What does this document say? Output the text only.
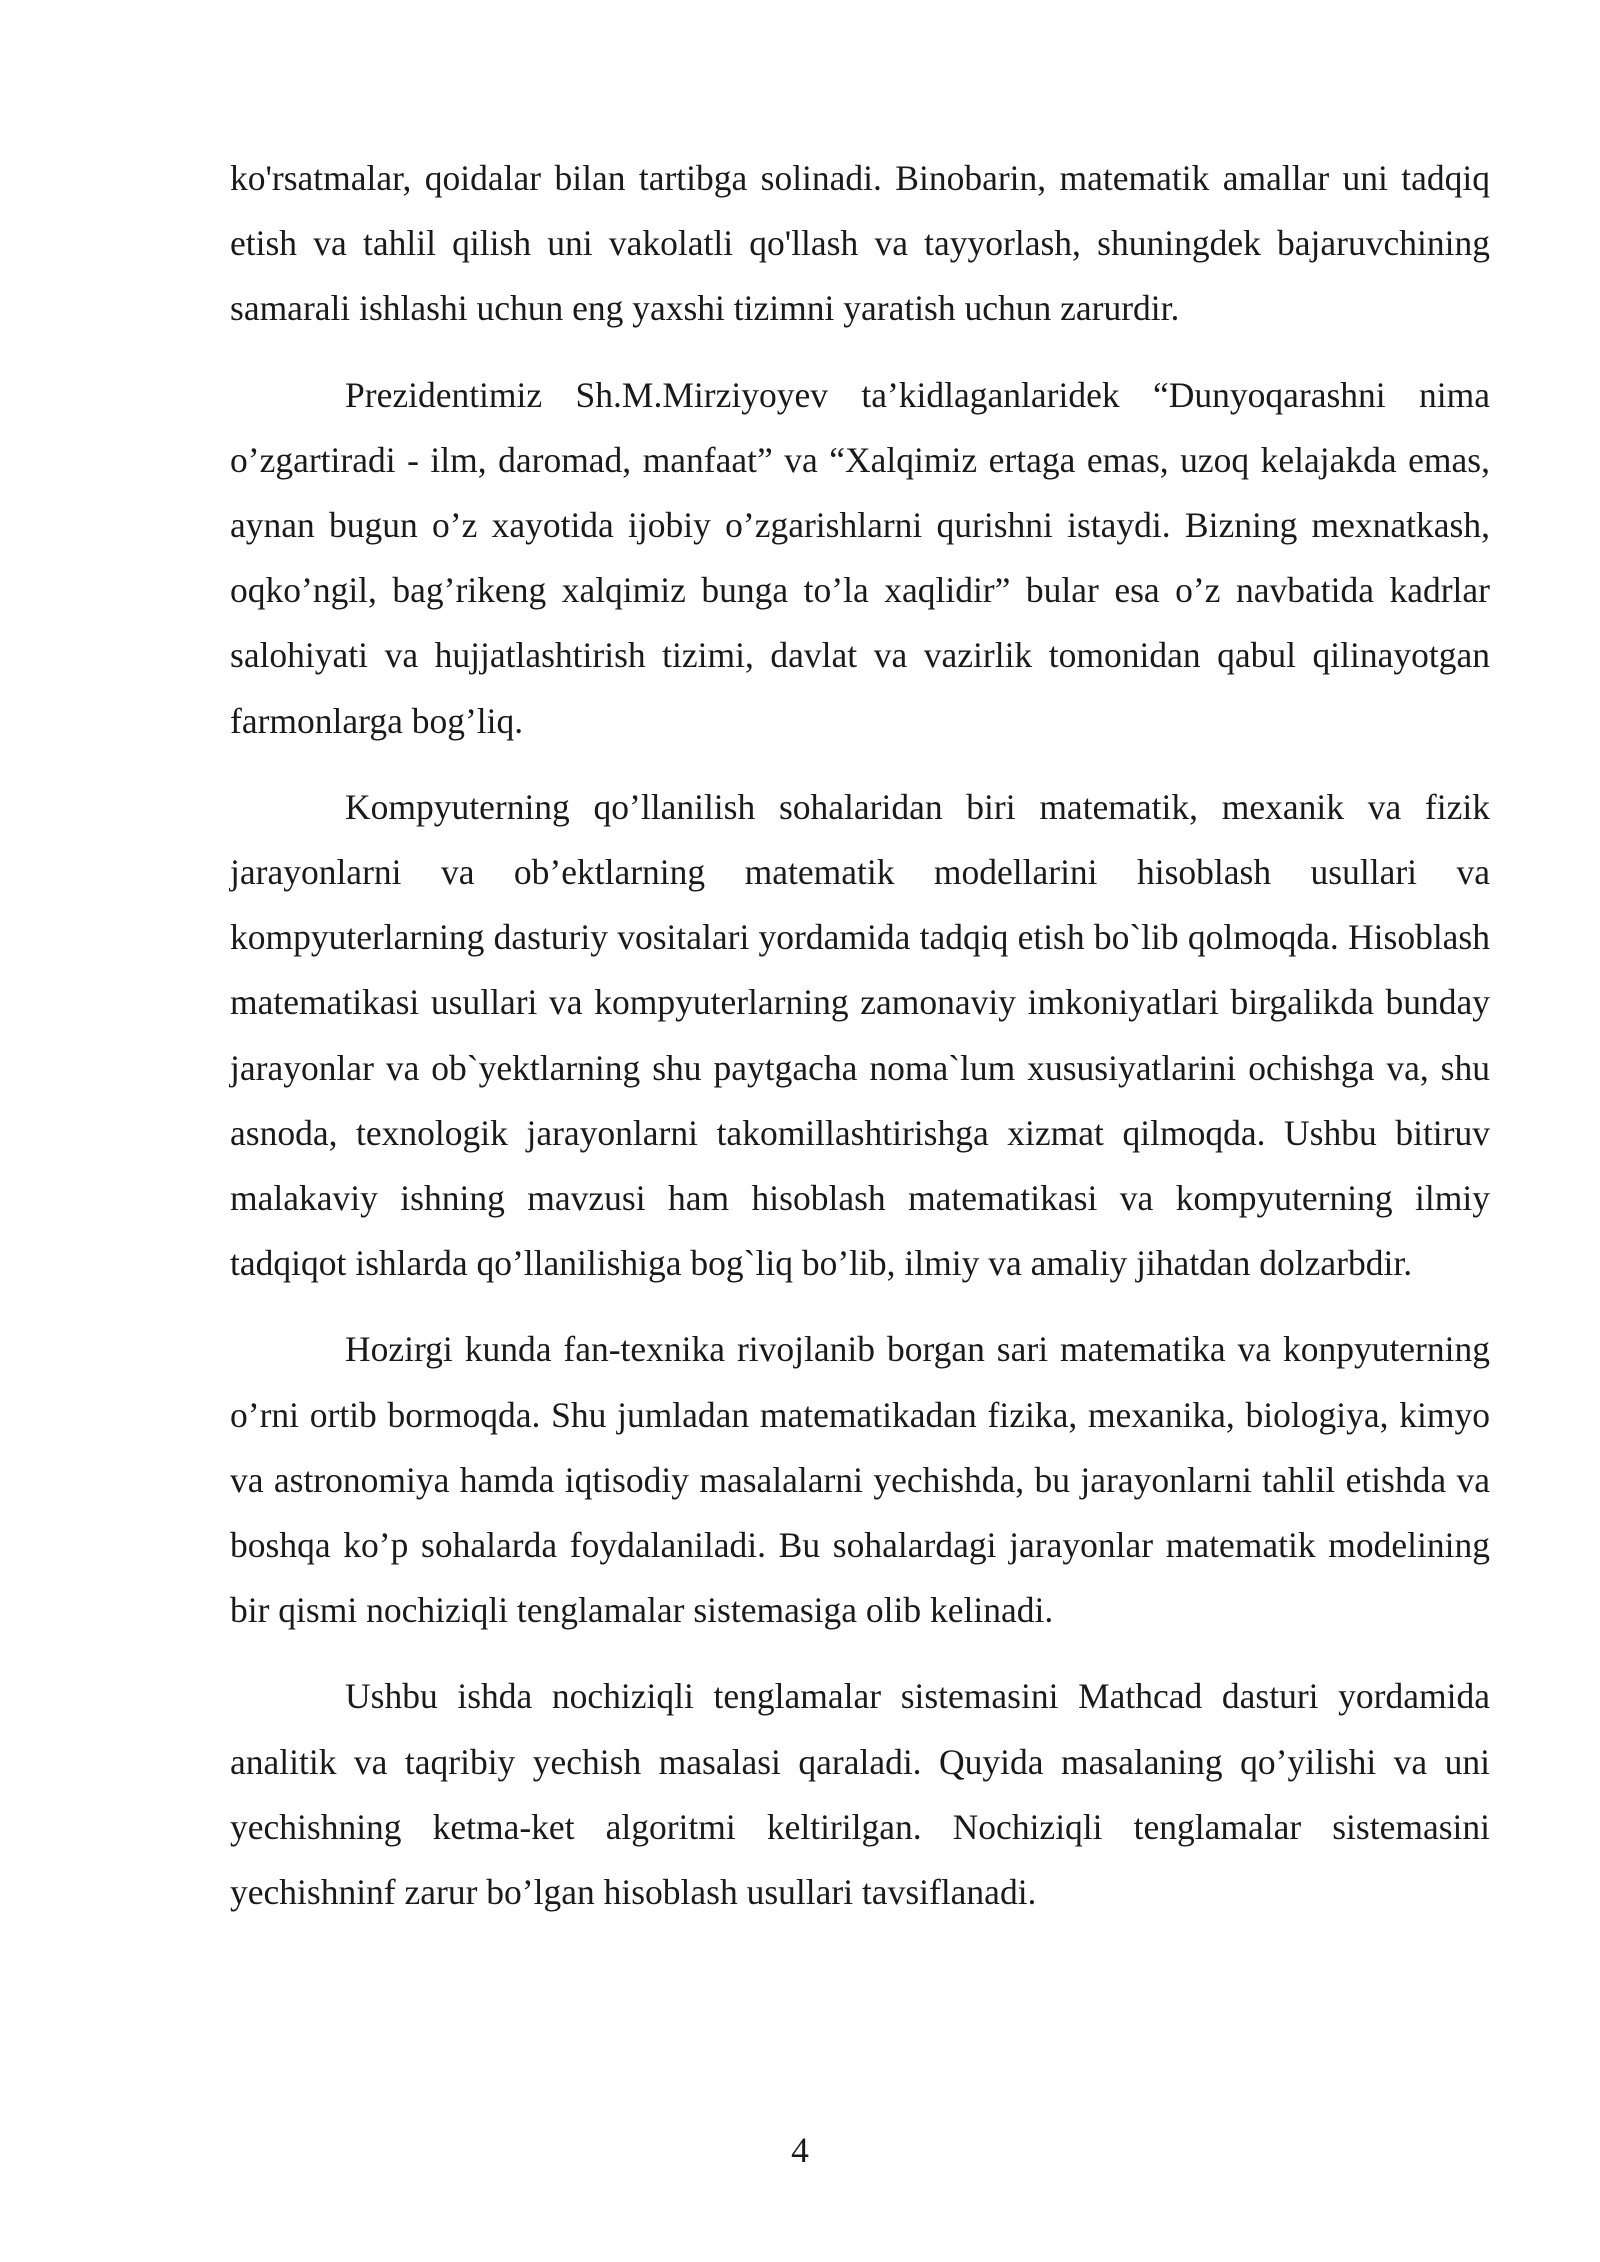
ko'rsatmalar, qoidalar bilan tartibga solinadi. Binobarin, matematik amallar uni tadqiq etish va tahlil qilish uni vakolatli qo'llash va tayyorlash, shuningdek bajaruvchining samarali ishlashi uchun eng yaxshi tizimni yaratish uchun zarurdir.

Prezidentimiz Sh.M.Mirziyoyev ta’kidlaganlaridek “Dunyoqarashni nima o’zgartiradi - ilm, daromad, manfaat” va “Xalqimiz ertaga emas, uzoq kelajakda emas, aynan bugun o’z xayotida ijobiy o’zgarishlarni qurishni istaydi. Bizning mexnatkash, oqko’ngil, bag’rikeng xalqimiz bunga to’la xaqlidir” bular esa o’z navbatida kadrlar salohiyati va hujjatlashtirish tizimi, davlat va vazirlik tomonidan qabul qilinayotgan farmonlarga bog’liq.

Kompyuterning qo’llanilish sohalaridan biri matematik, mexanik va fizik jarayonlarni va ob’ektlarning matematik modellarini hisoblash usullari va kompyuterlarning dasturiy vositalari yordamida tadqiq etish bo`lib qolmoqda. Hisoblash matematikasi usullari va kompyuterlarning zamonaviy imkoniyatlari birgalikda bunday jarayonlar va ob`yektlarning shu paytgacha noma`lum xususiyatlarini ochishga va, shu asnoda, texnologik jarayonlarni takomillashtirishga xizmat qilmoqda. Ushbu bitiruv malakaviy ishning mavzusi ham hisoblash matematikasi va kompyuterning ilmiy tadqiqot ishlarda qo’llanilishiga bog`liq bo’lib, ilmiy va amaliy jihatdan dolzarbdir.

Hozirgi kunda fan-texnika rivojlanib borgan sari matematika va konpyuterning o’rni ortib bormoqda. Shu jumladan matematikadan fizika, mexanika, biologiya, kimyo va astronomiya hamda iqtisodiy masalalarni yechishda, bu jarayonlarni tahlil etishda va boshqa ko’p sohalarda foydalaniladi. Bu sohalardagi jarayonlar matematik modelining bir qismi nochiziqli tenglamalar sistemasiga olib kelinadi.

Ushbu ishda nochiziqli tenglamalar sistemasini Mathcad dasturi yordamida analitik va taqribiy yechish masalasi qaraladi. Quyida masalaning qo’yilishi va uni yechishning ketma-ket algoritmi keltirilgan. Nochiziqli tenglamalar sistemasini yechishninf zarur bo’lgan hisoblash usullari tavsiflanadi.

4
